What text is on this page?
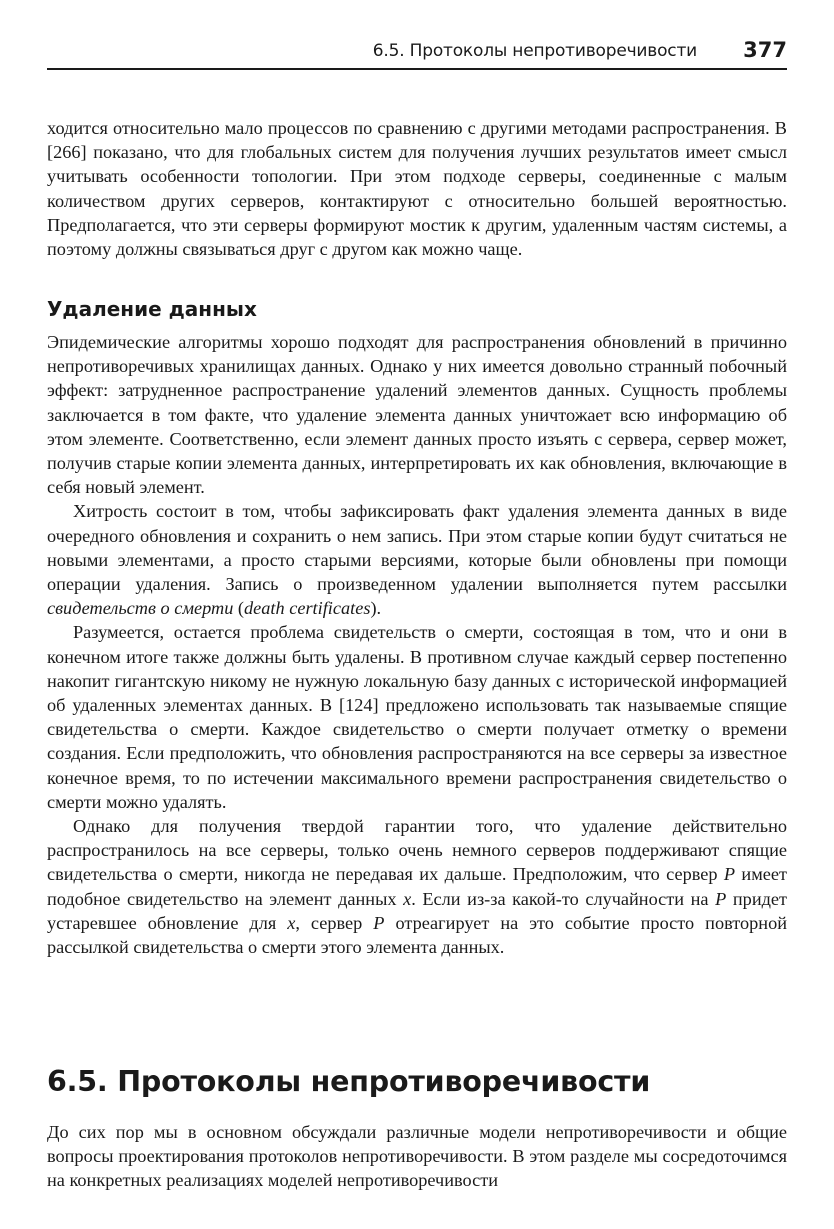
6.5. Протоколы непротиворечивости 377

ходится относительно мало процессов по сравнению с другими методами распространения. В [266] показано, что для глобальных систем для получения лучших результатов имеет смысл учитывать особенности топологии. При этом подходе серверы, соединенные с малым количеством других серверов, контактируют с относительно большей вероятностью. Предполагается, что эти серверы формируют мостик к другим, удаленным частям системы, а поэтому должны связываться друг с другом как можно чаще.

Удаление данных

Эпидемические алгоритмы хорошо подходят для распространения обновлений в причинно непротиворечивых хранилищах данных. Однако у них имеется довольно странный побочный эффект: затрудненное распространение удалений элементов данных. Сущность проблемы заключается в том факте, что удаление элемента данных уничтожает всю информацию об этом элементе. Соответственно, если элемент данных просто изъять с сервера, сервер может, получив старые копии элемента данных, интерпретировать их как обновления, включающие в себя новый элемент.

Хитрость состоит в том, чтобы зафиксировать факт удаления элемента данных в виде очередного обновления и сохранить о нем запись. При этом старые копии будут считаться не новыми элементами, а просто старыми версиями, которые были обновлены при помощи операции удаления. Запись о произведенном удалении выполняется путем рассылки свидетельств о смерти (death certificates).

Разумеется, остается проблема свидетельств о смерти, состоящая в том, что и они в конечном итоге также должны быть удалены. В противном случае каждый сервер постепенно накопит гигантскую никому не нужную локальную базу данных с исторической информацией об удаленных элементах данных. В [124] предложено использовать так называемые спящие свидетельства о смерти. Каждое свидетельство о смерти получает отметку о времени создания. Если предположить, что обновления распространяются на все серверы за известное конечное время, то по истечении максимального времени распространения свидетельство о смерти можно удалять.

Однако для получения твердой гарантии того, что удаление действительно распространилось на все серверы, только очень немного серверов поддерживают спящие свидетельства о смерти, никогда не передавая их дальше. Предположим, что сервер P имеет подобное свидетельство на элемент данных x. Если из-за какой-то случайности на P придет устаревшее обновление для x, сервер P отреагирует на это событие просто повторной рассылкой свидетельства о смерти этого элемента данных.

6.5. Протоколы непротиворечивости

До сих пор мы в основном обсуждали различные модели непротиворечивости и общие вопросы проектирования протоколов непротиворечивости. В этом разделе мы сосредоточимся на конкретных реализациях моделей непротиворечивости
